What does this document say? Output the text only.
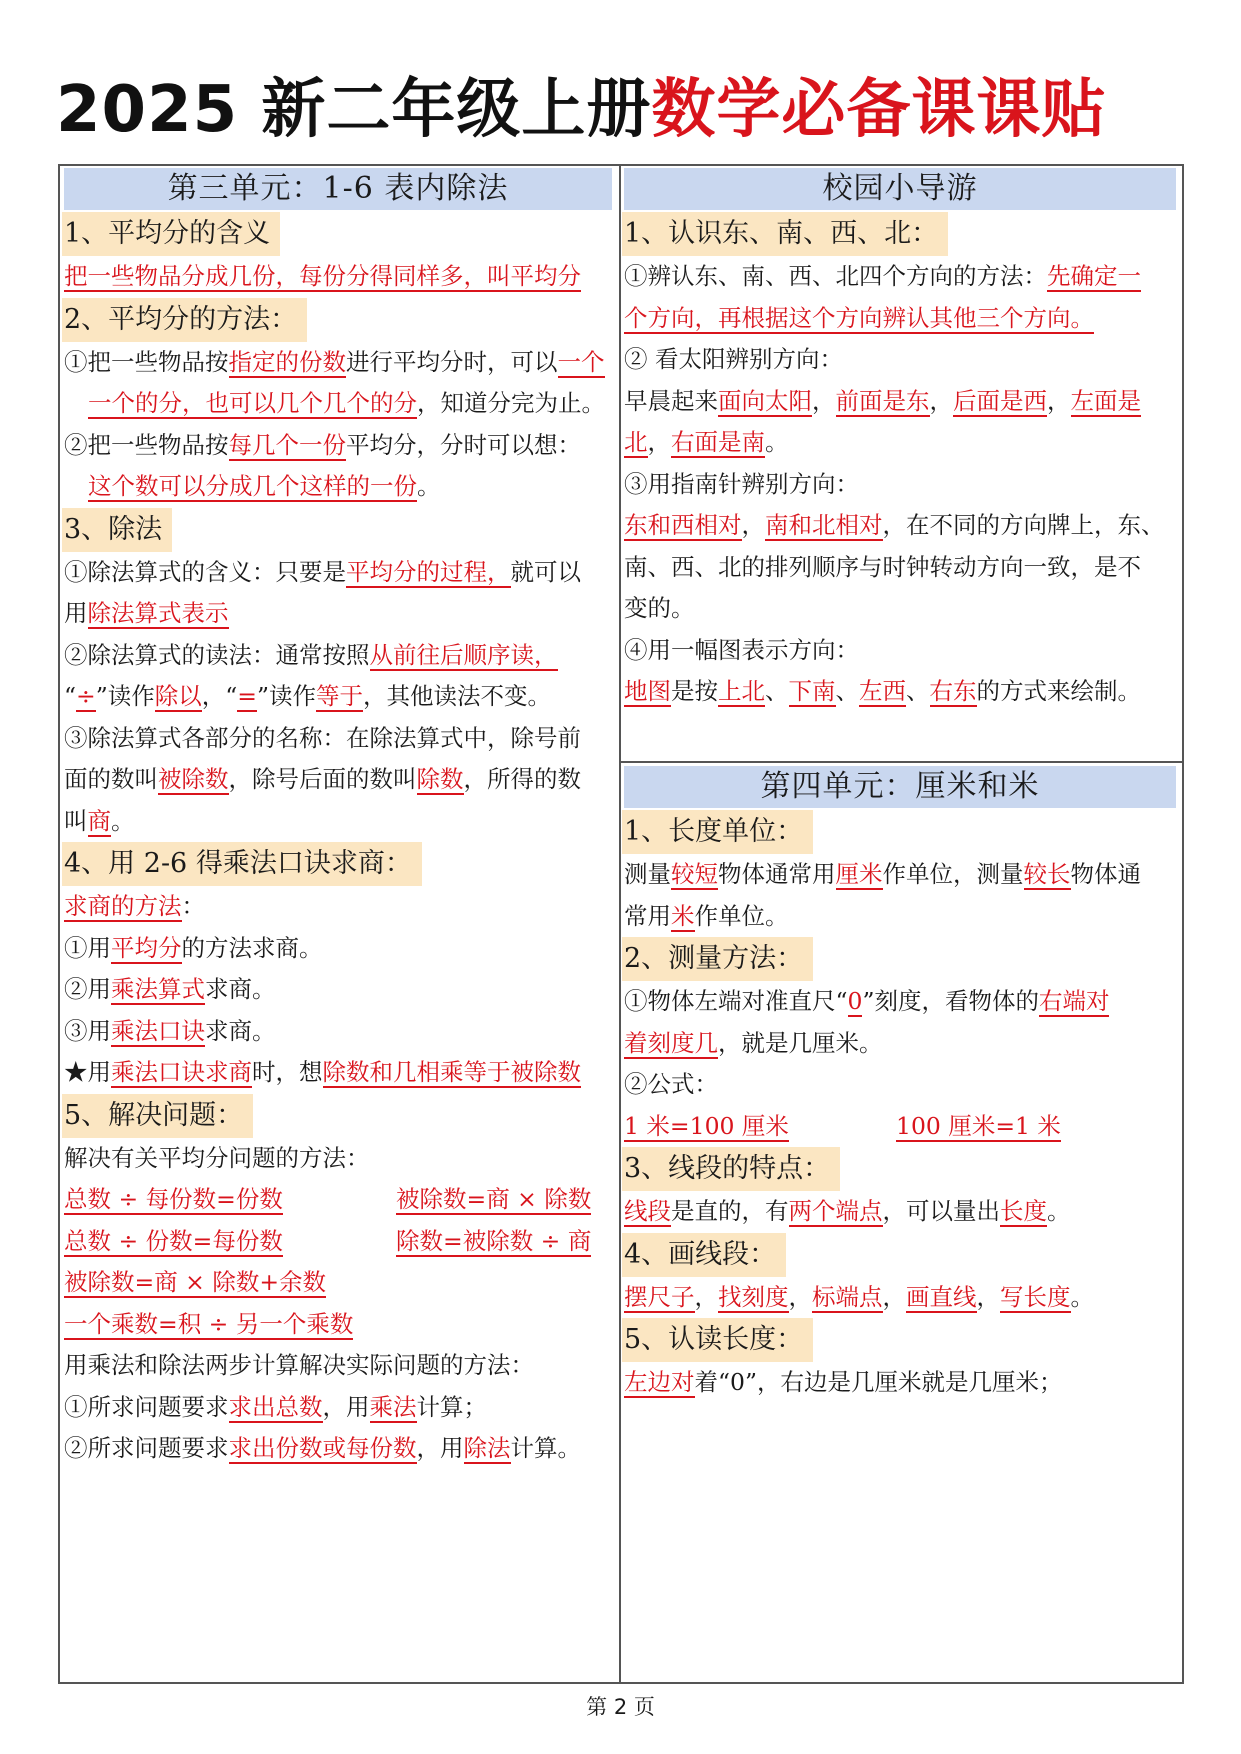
2025 新二年级上册数学必备课课贴
第三单元：1-6 表内除法
1、平均分的含义
把一些物品分成几份，每份分得同样多，叫平均分
2、平均分的方法：
①把一些物品按指定的份数进行平均分时，可以一个
一个的分，也可以几个几个的分，知道分完为止。
②把一些物品按每几个一份平均分，分时可以想：
这个数可以分成几个这样的一份。
3、除法
①除法算式的含义：只要是平均分的过程，就可以
用除法算式表示
②除法算式的读法：通常按照从前往后顺序读，
“÷”读作除以，“=”读作等于，其他读法不变。
③除法算式各部分的名称：在除法算式中，除号前
面的数叫被除数，除号后面的数叫除数，所得的数
叫商。
4、用 2-6 得乘法口诀求商：
求商的方法：
①用平均分的方法求商。
②用乘法算式求商。
③用乘法口诀求商。
★用乘法口诀求商时，想除数和几相乘等于被除数
5、解决问题：
解决有关平均分问题的方法：
总数 ÷ 每份数=份数	被除数=商 × 除数
总数 ÷ 份数=每份数	除数=被除数 ÷ 商
被除数=商 × 除数+余数
一个乘数=积 ÷ 另一个乘数
用乘法和除法两步计算解决实际问题的方法：
①所求问题要求求出总数，用乘法计算；
②所求问题要求求出份数或每份数，用除法计算。
校园小导游
1、认识东、南、西、北：
①辨认东、南、西、北四个方向的方法：先确定一
个方向，再根据这个方向辨认其他三个方向。
② 看太阳辨别方向：
早晨起来面向太阳，前面是东，后面是西，左面是
北，右面是南。
③用指南针辨别方向：
东和西相对，南和北相对，在不同的方向牌上，东、
南、西、北的排列顺序与时钟转动方向一致，是不
变的。
④用一幅图表示方向：
地图是按上北、下南、左西、右东的方式来绘制。
第四单元：厘米和米
1、长度单位：
测量较短物体通常用厘米作单位，测量较长物体通
常用米作单位。
2、测量方法：
①物体左端对准直尺“0”刻度，看物体的右端对
着刻度几，就是几厘米。
②公式：
1 米=100 厘米	100 厘米=1 米
3、线段的特点：
线段是直的，有两个端点，可以量出长度。
4、画线段：
摆尺子，找刻度，标端点，画直线，写长度。
5、认读长度：
左边对着“0”，右边是几厘米就是几厘米；
第 2 页
